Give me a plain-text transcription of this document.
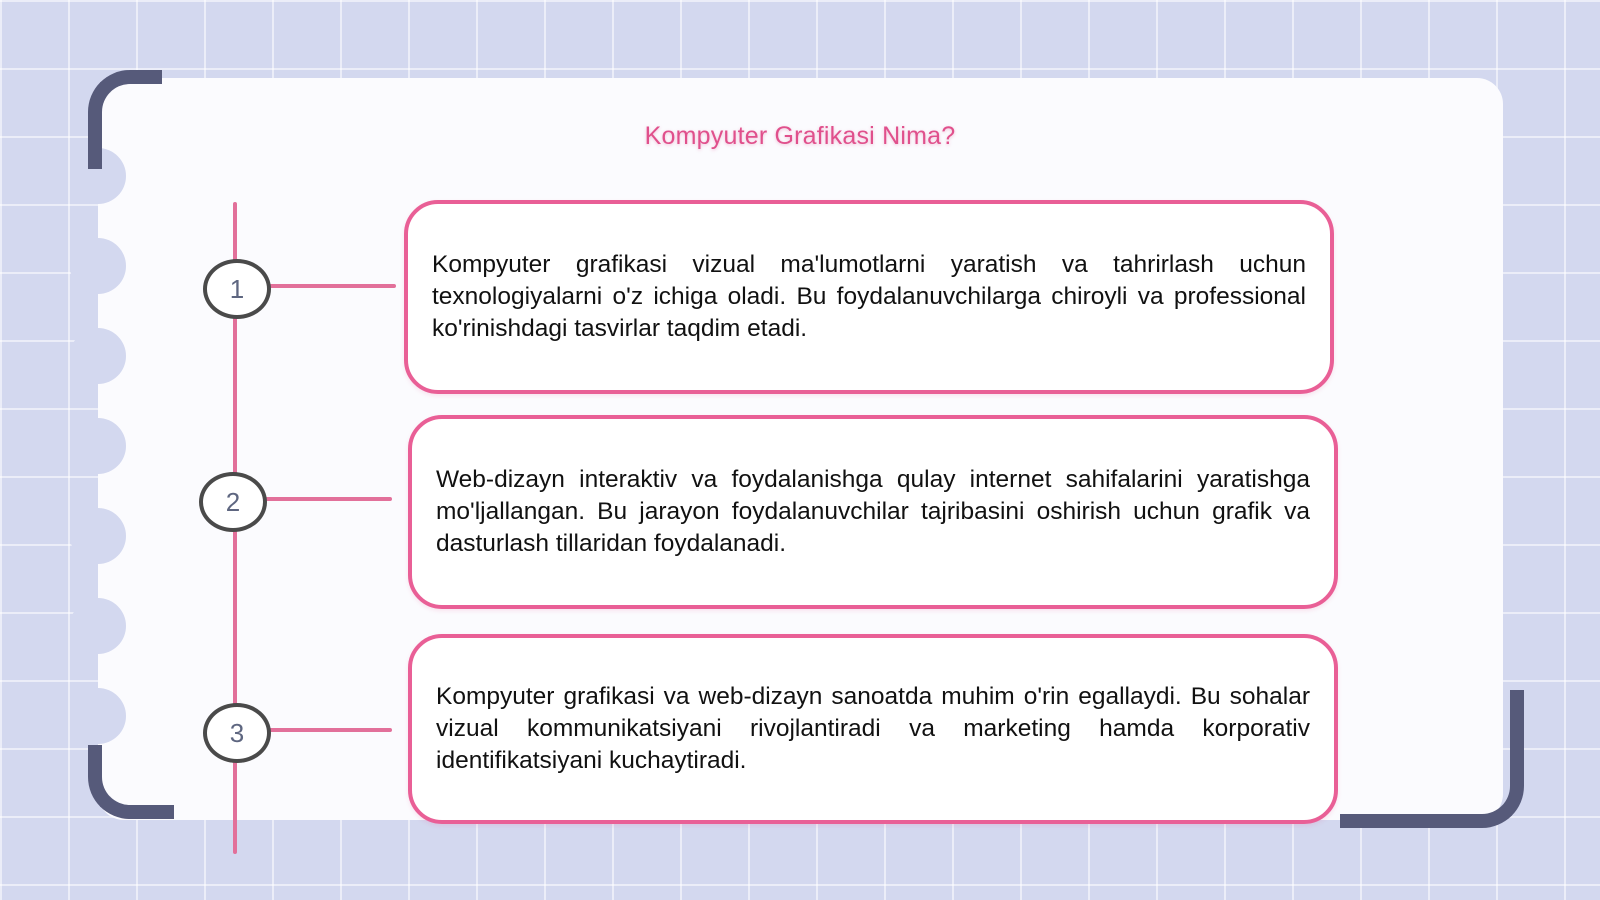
Kompyuter Grafikasi Nima?
1

Kompyuter grafikasi vizual ma'lumotlarni yaratish va tahrirlash uchun texnologiyalarni o'z ichiga oladi. Bu foydalanuvchilarga chiroyli va professional ko'rinishdagi tasvirlar taqdim etadi.

2

Web-dizayn interaktiv va foydalanishga qulay internet sahifalarini yaratishga mo'ljallangan. Bu jarayon foydalanuvchilar tajribasini oshirish uchun grafik va dasturlash tillaridan foydalanadi.

3

Kompyuter grafikasi va web-dizayn sanoatda muhim o'rin egallaydi. Bu sohalar vizual kommunikatsiyani rivojlantiradi va marketing hamda korporativ identifikatsiyani kuchaytiradi.
